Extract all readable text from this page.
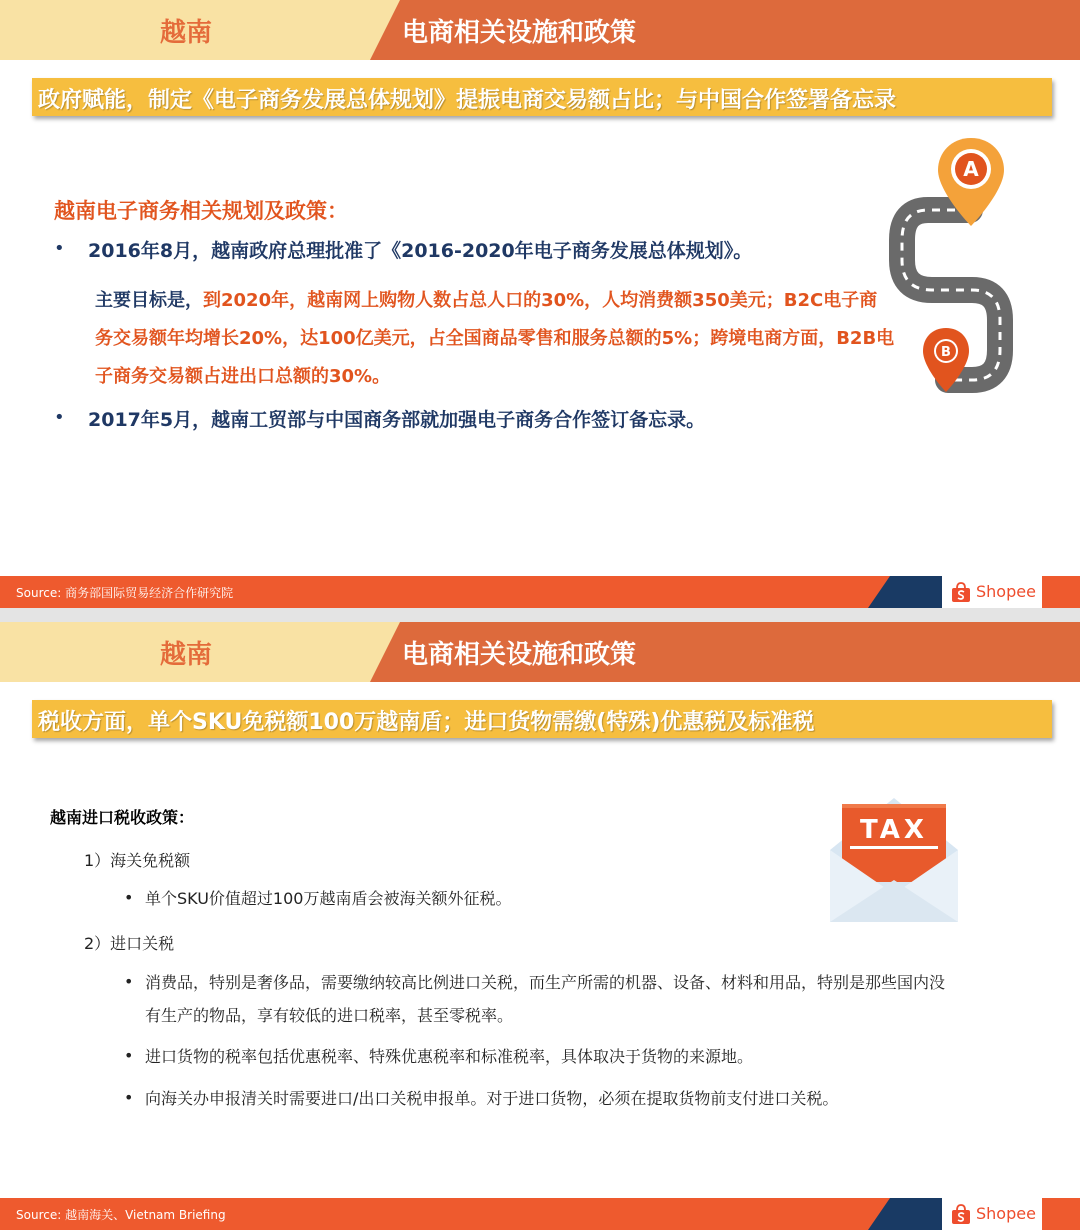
越南	电商相关设施和政策
政府赋能，制定《电子商务发展总体规划》提振电商交易额占比；与中国合作签署备忘录
越南电子商务相关规划及政策：
• 2016年8月，越南政府总理批准了《2016-2020年电子商务发展总体规划》。
主要目标是，到2020年，越南网上购物人数占总人口的30%，人均消费额350美元；B2C电子商务交易额年均增长20%，达100亿美元，占全国商品零售和服务总额的5%；跨境电商方面，B2B电子商务交易额占进出口总额的30%。
• 2017年5月，越南工贸部与中国商务部就加强电子商务合作签订备忘录。
A
B
Source: 商务部国际贸易经济合作研究院	Shopee
越南	电商相关设施和政策
税收方面，单个SKU免税额100万越南盾；进口货物需缴(特殊)优惠税及标准税
越南进口税收政策：
1）海关免税额
• 单个SKU价值超过100万越南盾会被海关额外征税。
2）进口关税
• 消费品，特别是奢侈品，需要缴纳较高比例进口关税，而生产所需的机器、设备、材料和用品，特别是那些国内没有生产的物品，享有较低的进口税率，甚至零税率。
• 进口货物的税率包括优惠税率、特殊优惠税率和标准税率，具体取决于货物的来源地。
• 向海关办申报清关时需要进口/出口关税申报单。对于进口货物，必须在提取货物前支付进口关税。
TAX
Source: 越南海关、Vietnam Briefing	Shopee
